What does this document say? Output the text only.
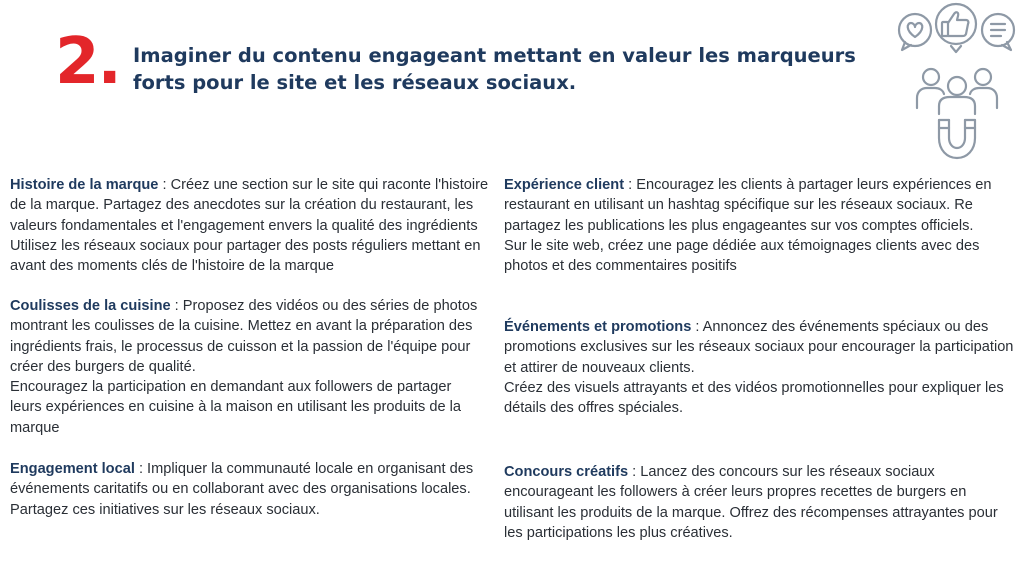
2. Imaginer du contenu engageant mettant en valeur les marqueurs
forts pour le site et les réseaux sociaux.
Histoire de la marque : Créez une section sur le site qui raconte l'histoire
de la marque. Partagez des anecdotes sur la création du restaurant, les
valeurs fondamentales et l'engagement envers la qualité des ingrédients
Utilisez les réseaux sociaux pour partager des posts réguliers mettant en
avant des moments clés de l'histoire de la marque
Coulisses de la cuisine : Proposez des vidéos ou des séries de photos
montrant les coulisses de la cuisine. Mettez en avant la préparation des
ingrédients frais, le processus de cuisson et la passion de l'équipe pour
créer des burgers de qualité.
Encouragez la participation en demandant aux followers de partager
leurs expériences en cuisine à la maison en utilisant les produits de la
marque
Engagement local : Impliquer la communauté locale en organisant des
événements caritatifs ou en collaborant avec des organisations locales.
Partagez ces initiatives sur les réseaux sociaux.
Expérience client : Encouragez les clients à partager leurs expériences en
restaurant en utilisant un hashtag spécifique sur les réseaux sociaux. Re
partagez les publications les plus engageantes sur vos comptes officiels.
Sur le site web, créez une page dédiée aux témoignages clients avec des
photos et des commentaires positifs
Événements et promotions : Annoncez des événements spéciaux ou des
promotions exclusives sur les réseaux sociaux pour encourager la participation
et attirer de nouveaux clients.
Créez des visuels attrayants et des vidéos promotionnelles pour expliquer les
détails des offres spéciales.
Concours créatifs : Lancez des concours sur les réseaux sociaux
encourageant les followers à créer leurs propres recettes de burgers en
utilisant les produits de la marque. Offrez des récompenses attrayantes pour
les participations les plus créatives.
